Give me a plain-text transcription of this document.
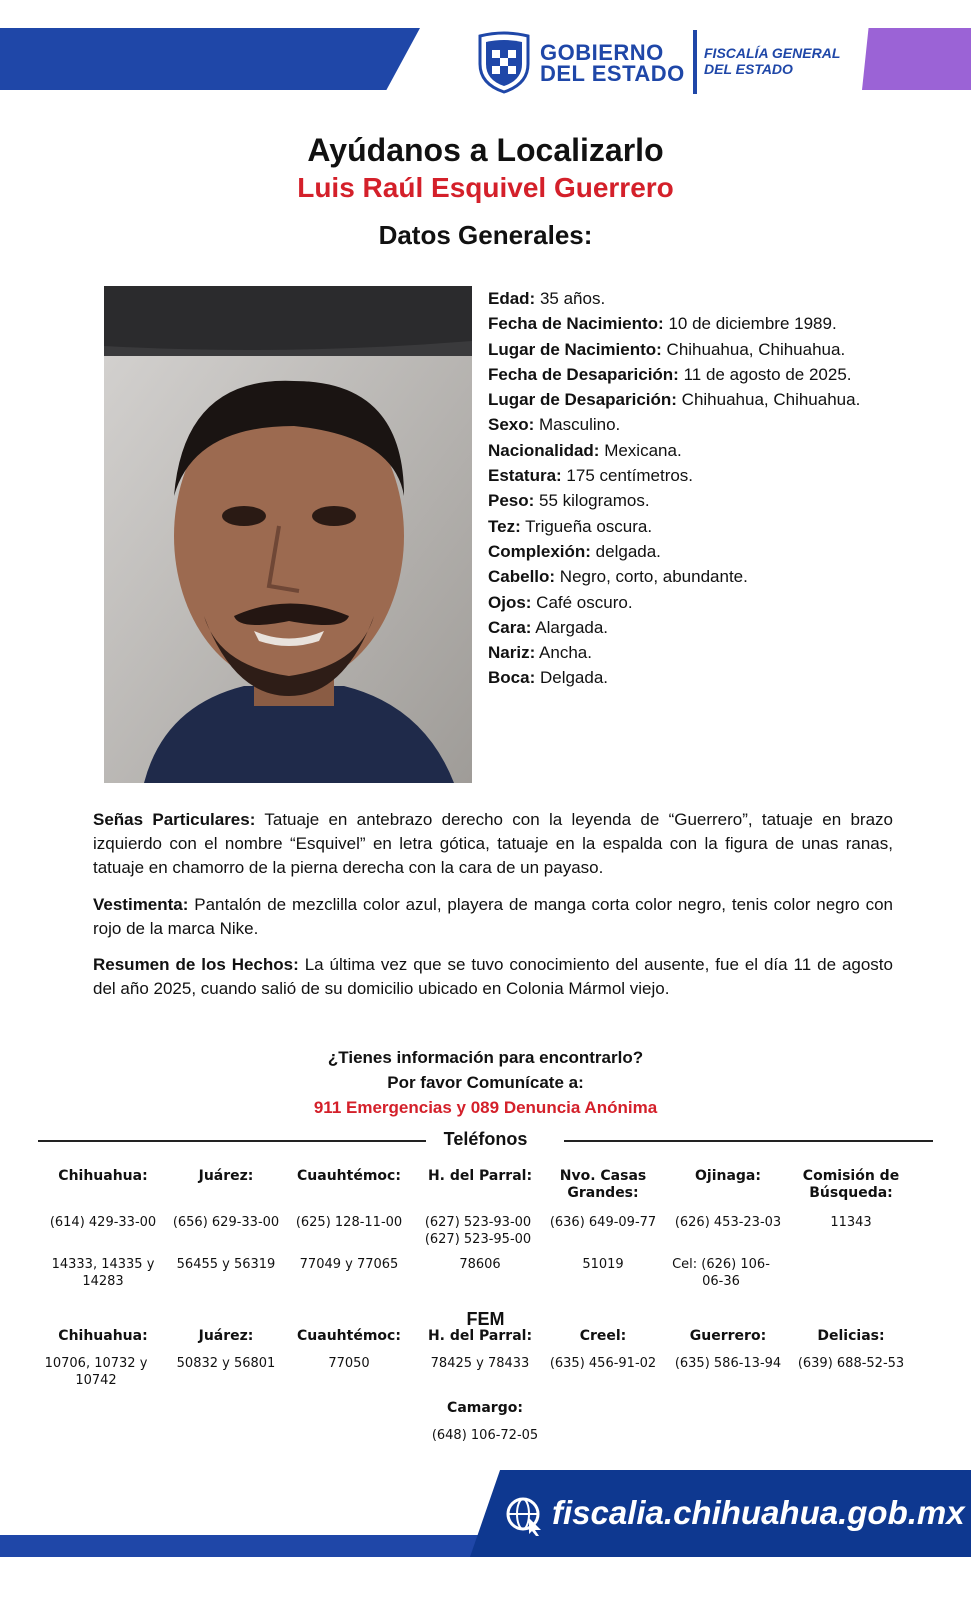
GOBIERNO
DEL ESTADO
FISCALÍA GENERAL
DEL ESTADO
Ayúdanos a Localizarlo
Luis Raúl Esquivel Guerrero
Datos Generales:
Edad: 35 años.
Fecha de Nacimiento: 10 de diciembre 1989.
Lugar de Nacimiento: Chihuahua, Chihuahua.
Fecha de Desaparición: 11 de agosto de 2025.
Lugar de Desaparición: Chihuahua, Chihuahua.
Sexo: Masculino.
Nacionalidad: Mexicana.
Estatura: 175 centímetros.
Peso: 55 kilogramos.
Tez: Trigueña oscura.
Complexión: delgada.
Cabello: Negro, corto, abundante.
Ojos: Café oscuro.
Cara: Alargada.
Nariz: Ancha.
Boca: Delgada.
Señas Particulares: Tatuaje en antebrazo derecho con la leyenda de “Guerrero”, tatuaje en brazo izquierdo con el nombre “Esquivel” en letra gótica, tatuaje en la espalda con la figura de unas ranas, tatuaje en chamorro de la pierna derecha con la cara de un payaso.
Vestimenta: Pantalón de mezclilla color azul, playera de manga corta color negro, tenis color negro con rojo de la marca Nike.
Resumen de los Hechos: La última vez que se tuvo conocimiento del ausente, fue el día 11 de agosto del año 2025, cuando salió de su domicilio ubicado en Colonia Mármol viejo.
¿Tienes información para encontrarlo?
Por favor Comunícate a:
911 Emergencias y 089 Denuncia Anónima
Teléfonos
Chihuahua:
(614) 429-33-00
14333, 14335 y 14283
Juárez:
(656) 629-33-00
56455 y 56319
Cuauhtémoc:
(625) 128-11-00
77049 y 77065
H. del Parral:
(627) 523-93-00 (627) 523-95-00
78606
Nvo. Casas Grandes:
(636) 649-09-77
51019
Ojinaga:
(626) 453-23-03
Cel: (626) 106-06-36
Comisión de Búsqueda:
11343
Chihuahua:
10706, 10732 y 10742
Juárez:
50832 y 56801
Cuauhtémoc:
77050
H. del Parral:
78425 y 78433
Creel:
(635) 456-91-02
Guerrero:
(635) 586-13-94
Delicias:
(639) 688-52-53
Camargo:
(648) 106-72-05
FEM
fiscalia.chihuahua.gob.mx
